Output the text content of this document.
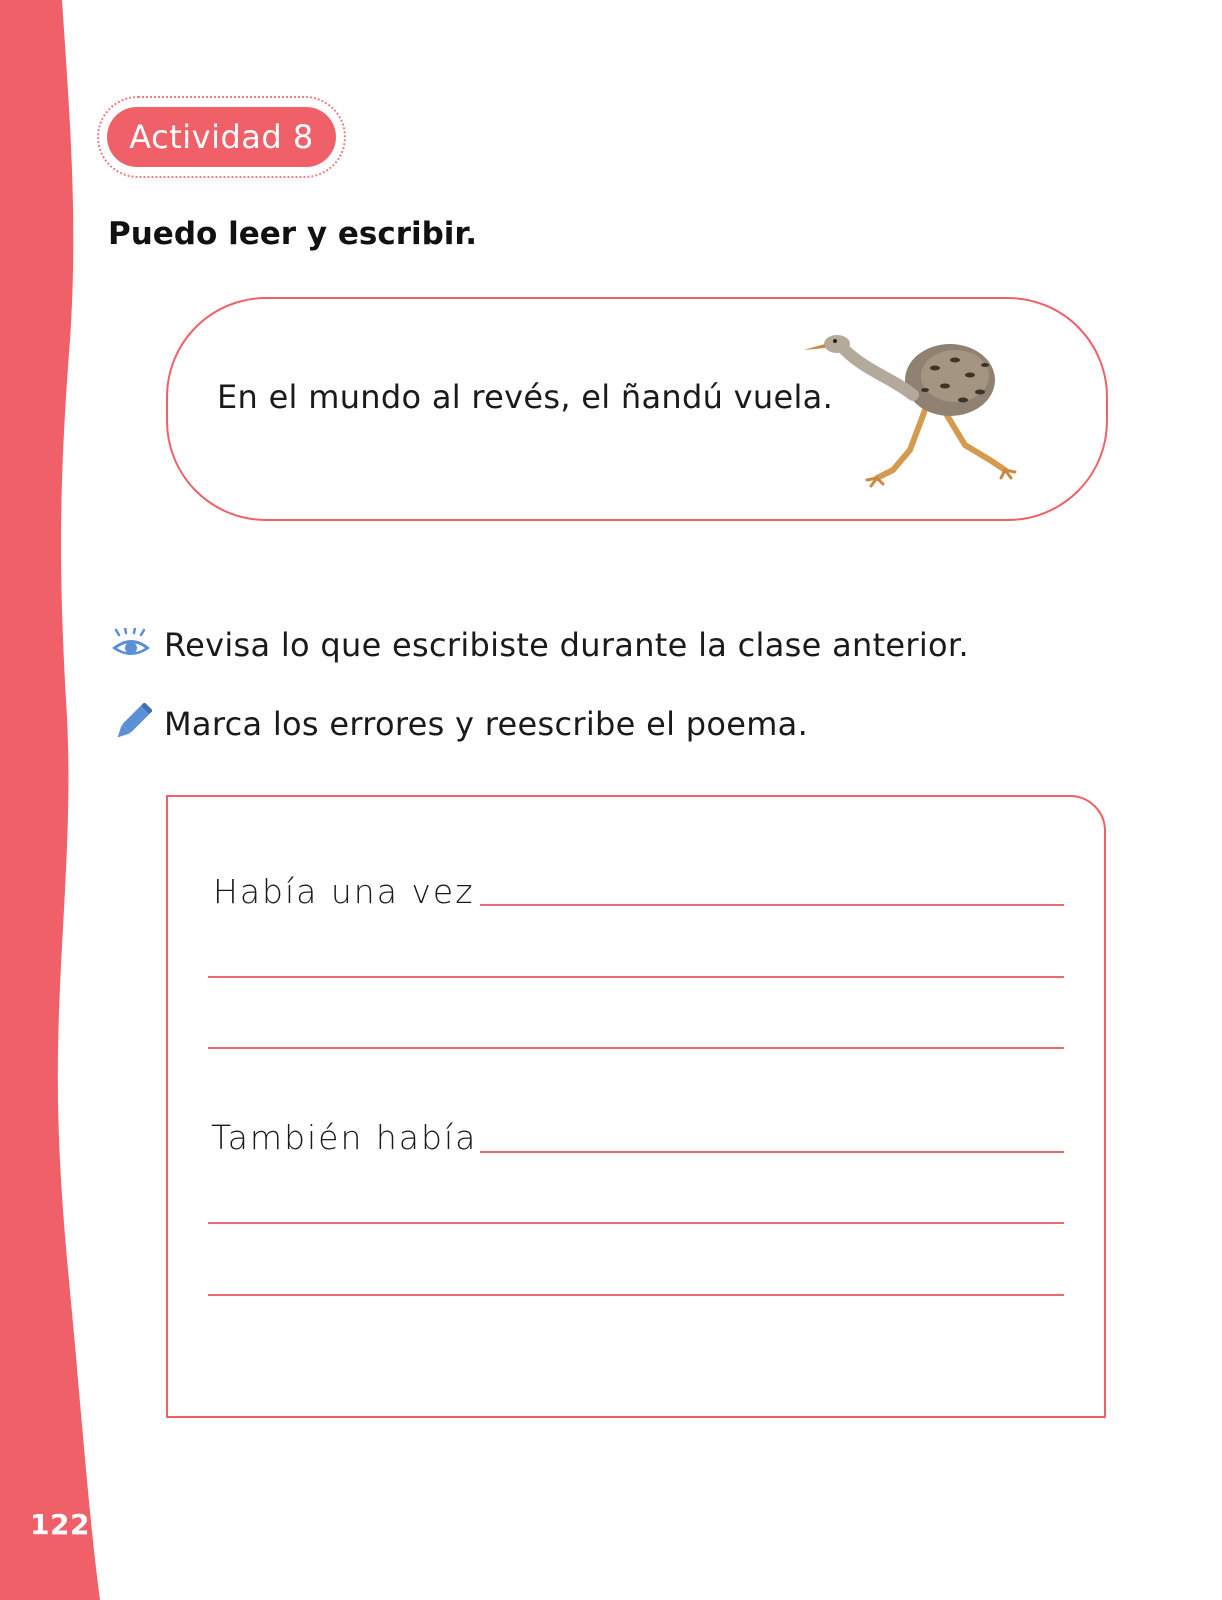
122
Actividad 8
Puedo leer y escribir.
En el mundo al revés, el ñandú vuela.
Revisa lo que escribiste durante la clase anterior.
Marca los errores y reescribe el poema.
Había una vez
También había
